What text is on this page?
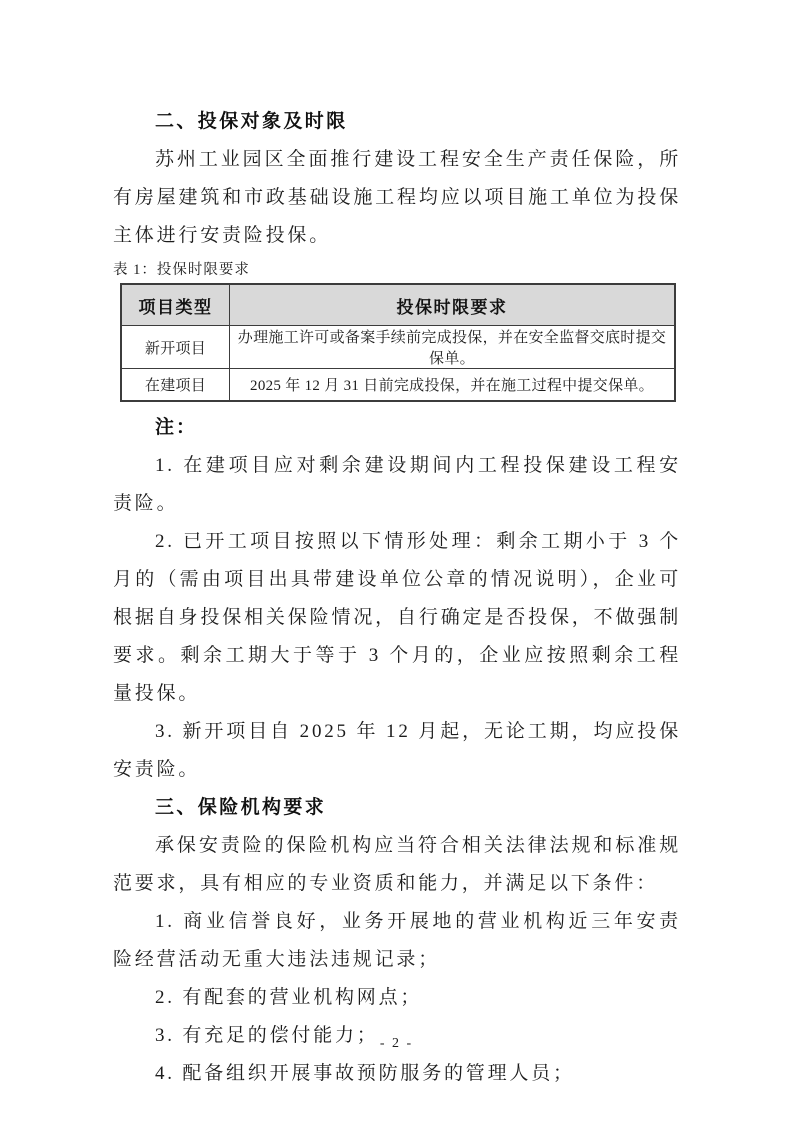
二、投保对象及时限

苏州工业园区全面推行建设工程安全生产责任保险，所有房屋建筑和市政基础设施工程均应以项目施工单位为投保主体进行安责险投保。

表 1：投保时限要求

项目类型	投保时限要求
新开项目	办理施工许可或备案手续前完成投保，并在安全监督交底时提交保单。
在建项目	2025 年 12 月 31 日前完成投保，并在施工过程中提交保单。

注：

1. 在建项目应对剩余建设期间内工程投保建设工程安责险。

2. 已开工项目按照以下情形处理：剩余工期小于 3 个月的（需由项目出具带建设单位公章的情况说明），企业可根据自身投保相关保险情况，自行确定是否投保，不做强制要求。剩余工期大于等于 3 个月的，企业应按照剩余工程量投保。

3. 新开项目自 2025 年 12 月起，无论工期，均应投保安责险。

三、保险机构要求

承保安责险的保险机构应当符合相关法律法规和标准规范要求，具有相应的专业资质和能力，并满足以下条件：

1. 商业信誉良好，业务开展地的营业机构近三年安责险经营活动无重大违法违规记录；

2. 有配套的营业机构网点；

3. 有充足的偿付能力；

4. 配备组织开展事故预防服务的管理人员；

- 2 -
